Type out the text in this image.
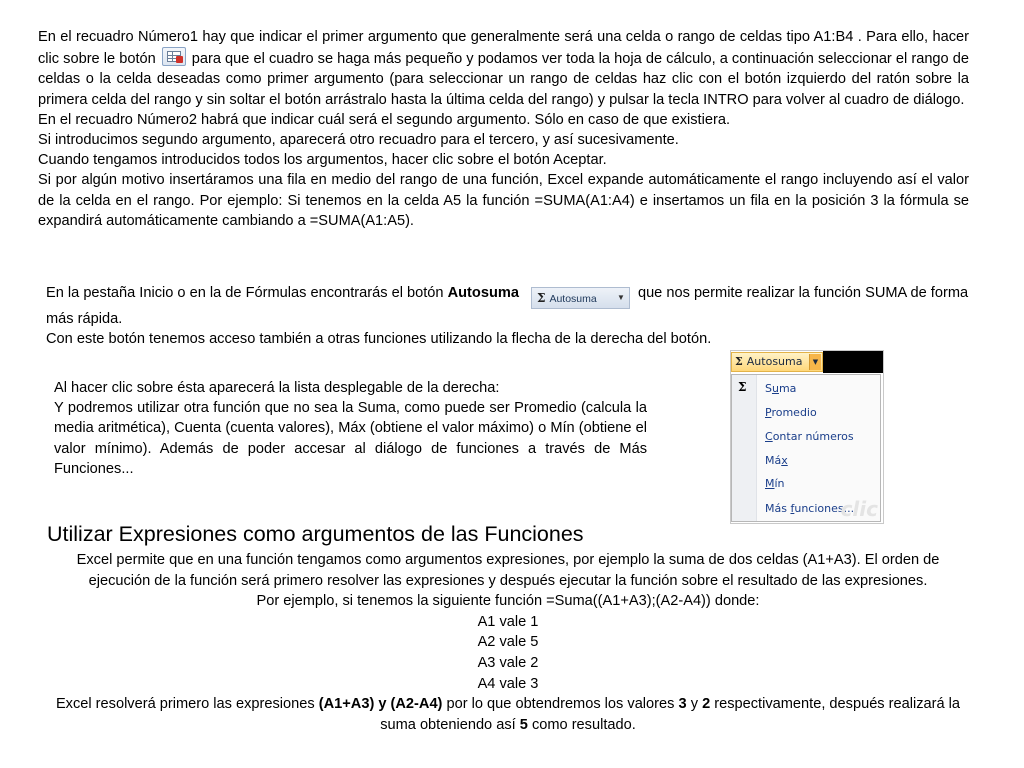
En el recuadro Número1 hay que indicar el primer argumento que generalmente será una celda o rango de celdas tipo A1:B4 . Para ello, hacer clic sobre le botón para que el cuadro se haga más pequeño y podamos ver toda la hoja de cálculo, a continuación seleccionar el rango de celdas o la celda deseadas como primer argumento (para seleccionar un rango de celdas haz clic con el botón izquierdo del ratón sobre la primera celda del rango y sin soltar el botón arrástralo hasta la última celda del rango) y pulsar la tecla INTRO para volver al cuadro de diálogo.

En el recuadro Número2 habrá que indicar cuál será el segundo argumento. Sólo en caso de que existiera.

Si introducimos segundo argumento, aparecerá otro recuadro para el tercero, y así sucesivamente.

Cuando tengamos introducidos todos los argumentos, hacer clic sobre el botón Aceptar.

Si por algún motivo insertáramos una fila en medio del rango de una función, Excel expande automáticamente el rango incluyendo así el valor de la celda en el rango. Por ejemplo: Si tenemos en la celda A5 la función =SUMA(A1:A4) e insertamos un fila en la posición 3 la fórmula se expandirá automáticamente cambiando a =SUMA(A1:A5).

En la pestaña Inicio o en la de Fórmulas encontrarás el botón Autosuma Σ Autosuma	▼ que nos permite realizar la función SUMA de forma más rápida.

Con este botón tenemos acceso también a otras funciones utilizando la flecha de la derecha del botón.

Al hacer clic sobre ésta aparecerá la lista desplegable de la derecha:

Y podremos utilizar otra función que no sea la Suma, como puede ser Promedio (calcula la media aritmética), Cuenta (cuenta valores), Máx (obtiene el valor máximo) o Mín (obtiene el valor mínimo). Además de poder accesar al diálogo de funciones a través de Más Funciones...

Σ Autosuma	▼
Σ Suma
Promedio
Contar números
Máx
Mín
Más funciones...
clic
Utilizar Expresiones como argumentos de las Funciones

Excel permite que en una función tengamos como argumentos expresiones, por ejemplo la suma de dos celdas (A1+A3). El orden de ejecución de la función será primero resolver las expresiones y después ejecutar la función sobre el resultado de las expresiones.

Por ejemplo, si tenemos la siguiente función =Suma((A1+A3);(A2-A4)) donde:

A1 vale 1

A2 vale 5

A3 vale 2

A4 vale 3

Excel resolverá primero las expresiones (A1+A3) y (A2-A4) por lo que obtendremos los valores 3 y 2 respectivamente, después realizará la suma obteniendo así 5 como resultado.
